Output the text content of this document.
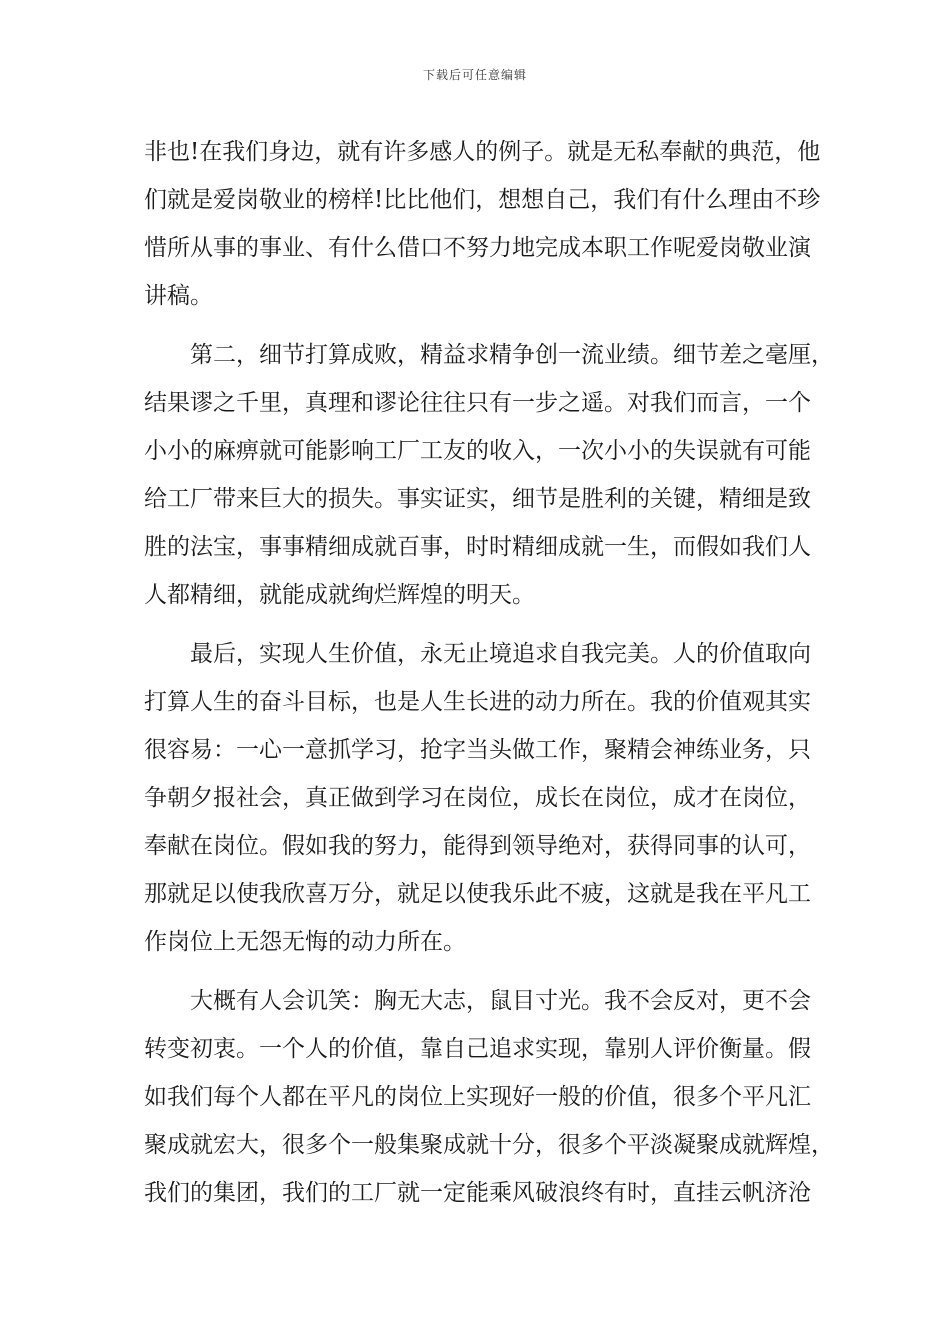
下载后可任意编辑
非也!在我们身边，就有许多感人的例子。就是无私奉献的典范，他
们就是爱岗敬业的榜样!比比他们，想想自己，我们有什么理由不珍
惜所从事的事业、有什么借口不努力地完成本职工作呢爱岗敬业演
讲稿。
第二，细节打算成败，精益求精争创一流业绩。细节差之毫厘，
结果谬之千里，真理和谬论往往只有一步之遥。对我们而言，一个
小小的麻痹就可能影响工厂工友的收入，一次小小的失误就有可能
给工厂带来巨大的损失。事实证实，细节是胜利的关键，精细是致
胜的法宝，事事精细成就百事，时时精细成就一生，而假如我们人
人都精细，就能成就绚烂辉煌的明天。
最后，实现人生价值，永无止境追求自我完美。人的价值取向
打算人生的奋斗目标，也是人生长进的动力所在。我的价值观其实
很容易：一心一意抓学习，抢字当头做工作，聚精会神练业务，只
争朝夕报社会，真正做到学习在岗位，成长在岗位，成才在岗位，
奉献在岗位。假如我的努力，能得到领导绝对，获得同事的认可，
那就足以使我欣喜万分，就足以使我乐此不疲，这就是我在平凡工
作岗位上无怨无悔的动力所在。
大概有人会讥笑：胸无大志，鼠目寸光。我不会反对，更不会
转变初衷。一个人的价值，靠自己追求实现，靠别人评价衡量。假
如我们每个人都在平凡的岗位上实现好一般的价值，很多个平凡汇
聚成就宏大，很多个一般集聚成就十分，很多个平淡凝聚成就辉煌，
我们的集团，我们的工厂就一定能乘风破浪终有时，直挂云帆济沧
